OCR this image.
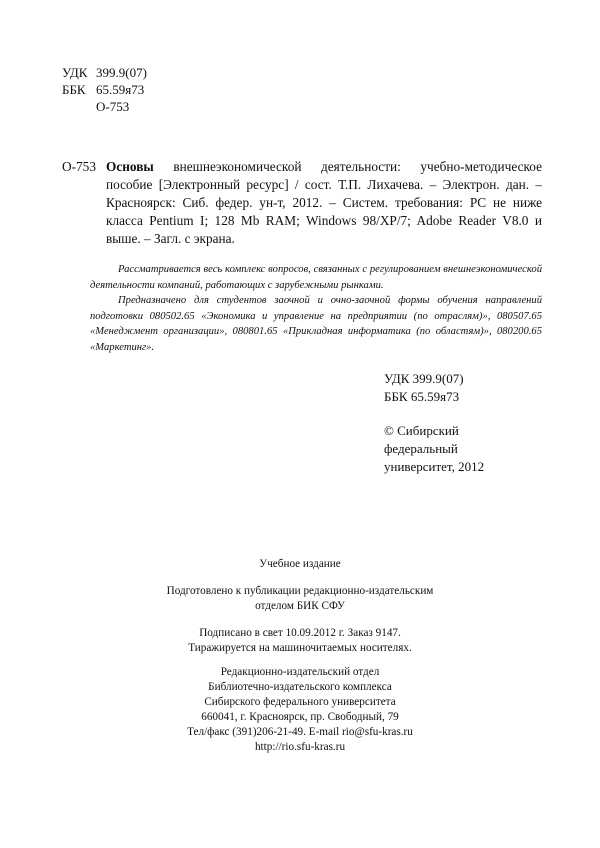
УДК 399.9(07)
ББК 65.59я73
О-753
О-753 Основы внешнеэкономической деятельности: учебно-методическое пособие [Электронный ресурс] / сост. Т.П. Лихачева. – Электрон. дан. – Красноярск: Сиб. федер. ун-т, 2012. – Систем. требования: PC не ниже класса Pentium I; 128 Mb RAM; Windows 98/XP/7; Adobe Reader V8.0 и выше. – Загл. с экрана.

Рассматривается весь комплекс вопросов, связанных с регулированием внешнеэкономической деятельности компаний, работающих с зарубежными рынками.

Предназначено для студентов заочной и очно-заочной формы обучения направлений подготовки 080502.65 «Экономика и управление на предприятии (по отраслям)», 080507.65 «Менеджмент организации», 080801.65 «Прикладная информатика (по областям)», 080200.65 «Маркетинг».

УДК 399.9(07)
ББК 65.59я73
© Сибирский федеральный университет, 2012
Учебное издание
Подготовлено к публикации редакционно-издательским
отделом БИК СФУ
Подписано в свет 10.09.2012 г. Заказ 9147.
Тиражируется на машиночитаемых носителях.
Редакционно-издательский отдел
Библиотечно-издательского комплекса
Сибирского федерального университета
660041, г. Красноярск, пр. Свободный, 79
Тел/факс (391)206-21-49. E-mail rio@sfu-kras.ru
http://rio.sfu-kras.ru
